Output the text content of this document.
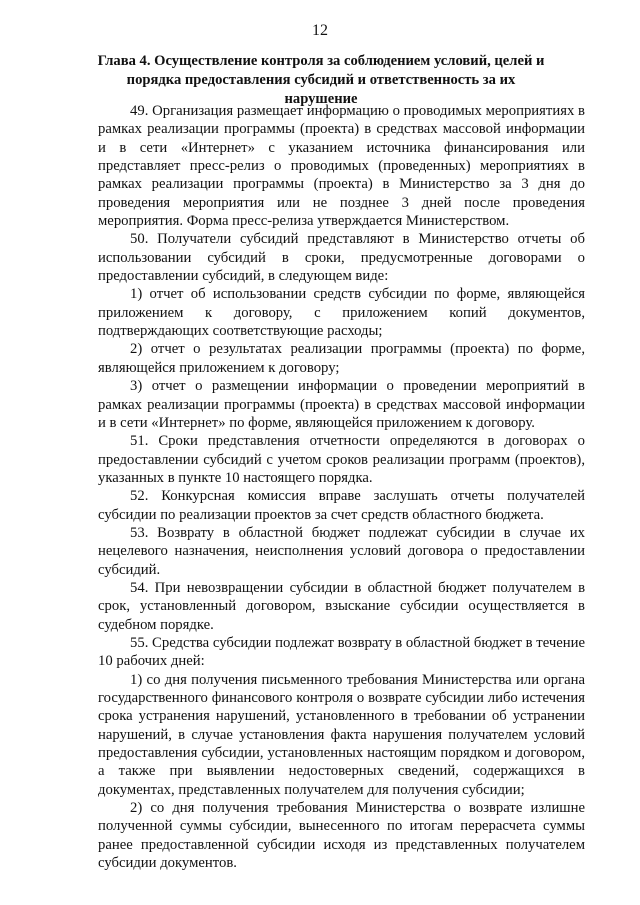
12
Глава 4. Осуществление контроля за соблюдением условий, целей и порядка предоставления субсидий и ответственность за их нарушение

49. Организация размещает информацию о проводимых мероприятиях в рамках реализации программы (проекта) в средствах массовой информации и в сети «Интернет» с указанием источника финансирования или представляет пресс-релиз о проводимых (проведенных) мероприятиях в рамках реализации программы (проекта) в Министерство за 3 дня до проведения мероприятия или не позднее 3 дней после проведения мероприятия. Форма пресс-релиза утверждается Министерством.

50. Получатели субсидий представляют в Министерство отчеты об использовании субсидий в сроки, предусмотренные договорами о предоставлении субсидий, в следующем виде:

1) отчет об использовании средств субсидии по форме, являющейся приложением к договору, с приложением копий документов, подтверждающих соответствующие расходы;

2) отчет о результатах реализации программы (проекта) по форме, являющейся приложением к договору;

3) отчет о размещении информации о проведении мероприятий в рамках реализации программы (проекта) в средствах массовой информации и в сети «Интернет» по форме, являющейся приложением к договору.

51. Сроки представления отчетности определяются в договорах о предоставлении субсидий с учетом сроков реализации программ (проектов), указанных в пункте 10 настоящего порядка.

52. Конкурсная комиссия вправе заслушать отчеты получателей субсидии по реализации проектов за счет средств областного бюджета.

53. Возврату в областной бюджет подлежат субсидии в случае их нецелевого назначения, неисполнения условий договора о предоставлении субсидий.

54. При невозвращении субсидии в областной бюджет получателем в срок, установленный договором, взыскание субсидии осуществляется в судебном порядке.

55. Средства субсидии подлежат возврату в областной бюджет в течение 10 рабочих дней:

1) со дня получения письменного требования Министерства или органа государственного финансового контроля о возврате субсидии либо истечения срока устранения нарушений, установленного в требовании об устранении нарушений, в случае установления факта нарушения получателем условий предоставления субсидии, установленных настоящим порядком и договором, а также при выявлении недостоверных сведений, содержащихся в документах, представленных получателем для получения субсидии;

2) со дня получения требования Министерства о возврате излишне полученной суммы субсидии, вынесенного по итогам перерасчета суммы ранее предоставленной субсидии исходя из представленных получателем субсидии документов.
